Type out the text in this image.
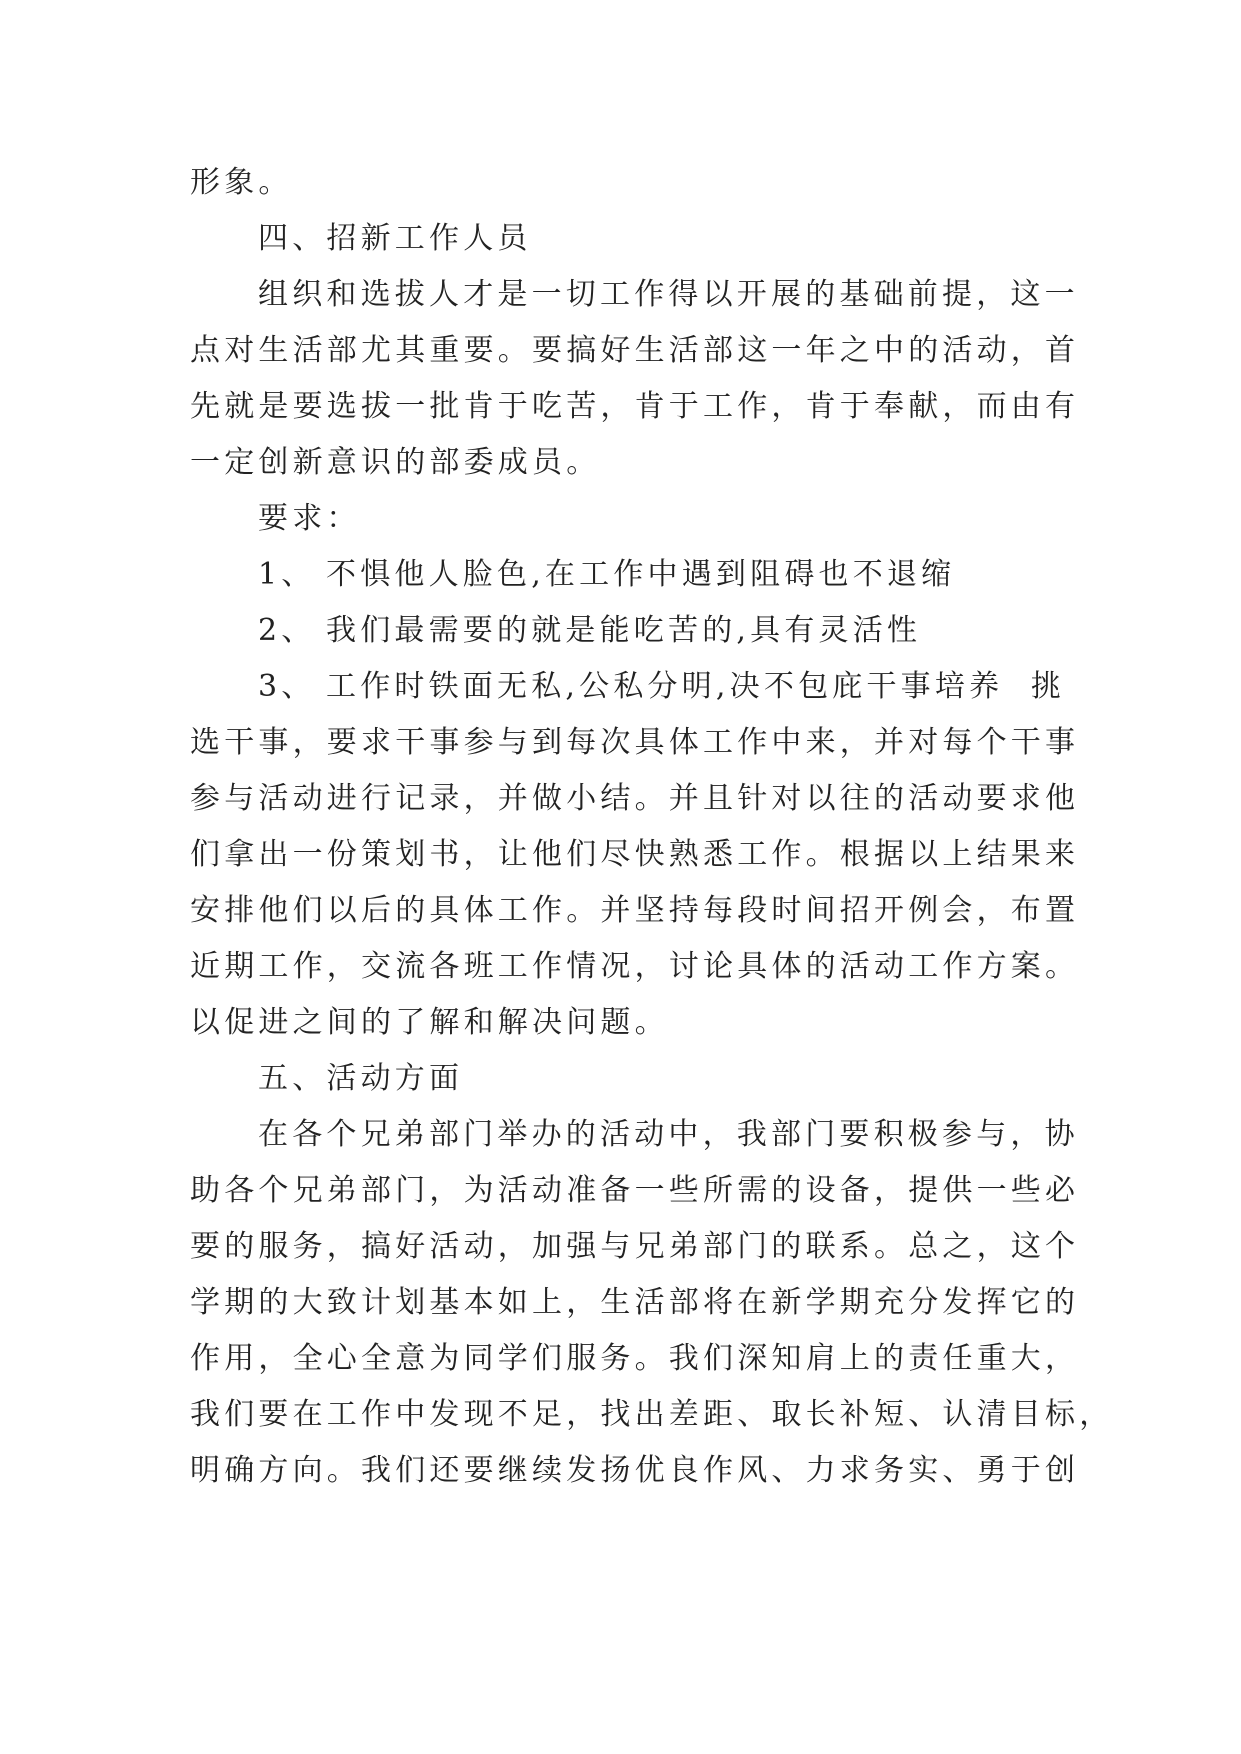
形象。
四、招新工作人员
组织和选拔人才是一切工作得以开展的基础前提，这一
点对生活部尤其重要。要搞好生活部这一年之中的活动，首
先就是要选拔一批肯于吃苦，肯于工作，肯于奉献，而由有
一定创新意识的部委成员。
要求：
1、 不惧他人脸色,在工作中遇到阻碍也不退缩
2、 我们最需要的就是能吃苦的,具有灵活性
3、 工作时铁面无私,公私分明,决不包庇干事培养  挑
选干事，要求干事参与到每次具体工作中来，并对每个干事
参与活动进行记录，并做小结。并且针对以往的活动要求他
们拿出一份策划书，让他们尽快熟悉工作。根据以上结果来
安排他们以后的具体工作。并坚持每段时间招开例会，布置
近期工作，交流各班工作情况，讨论具体的活动工作方案。
以促进之间的了解和解决问题。
五、活动方面
在各个兄弟部门举办的活动中，我部门要积极参与，协
助各个兄弟部门，为活动准备一些所需的设备，提供一些必
要的服务，搞好活动，加强与兄弟部门的联系。总之，这个
学期的大致计划基本如上，生活部将在新学期充分发挥它的
作用，全心全意为同学们服务。我们深知肩上的责任重大，
我们要在工作中发现不足，找出差距、取长补短、认清目标，
明确方向。我们还要继续发扬优良作风、力求务实、勇于创
